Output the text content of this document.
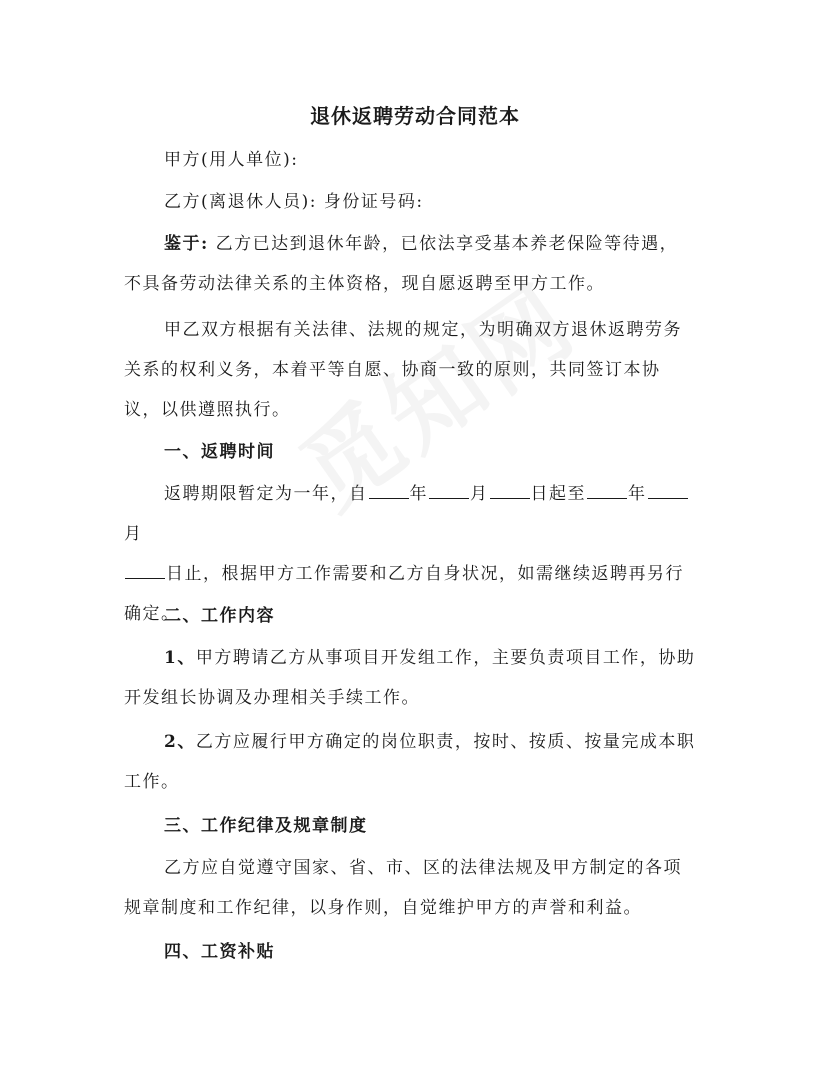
退休返聘劳动合同范本
甲方(用人单位):
乙方(离退休人员): 身份证号码:
鉴于: 乙方已达到退休年龄，已依法享受基本养老保险等待遇，
不具备劳动法律关系的主体资格，现自愿返聘至甲方工作。
甲乙双方根据有关法律、法规的规定，为明确双方退休返聘劳务
关系的权利义务，本着平等自愿、协商一致的原则，共同签订本协
议，以供遵照执行。
一、返聘时间
返聘期限暂定为一年，自 年 月 日起至 年月
日止，根据甲方工作需要和乙方自身状况，如需继续返聘再另行
确定。
二、工作内容
1、甲方聘请乙方从事项目开发组工作，主要负责项目工作，协助
开发组长协调及办理相关手续工作。
2、乙方应履行甲方确定的岗位职责，按时、按质、按量完成本职
工作。
三、工作纪律及规章制度
乙方应自觉遵守国家、省、市、区的法律法规及甲方制定的各项
规章制度和工作纪律，以身作则，自觉维护甲方的声誉和利益。
四、工资补贴
